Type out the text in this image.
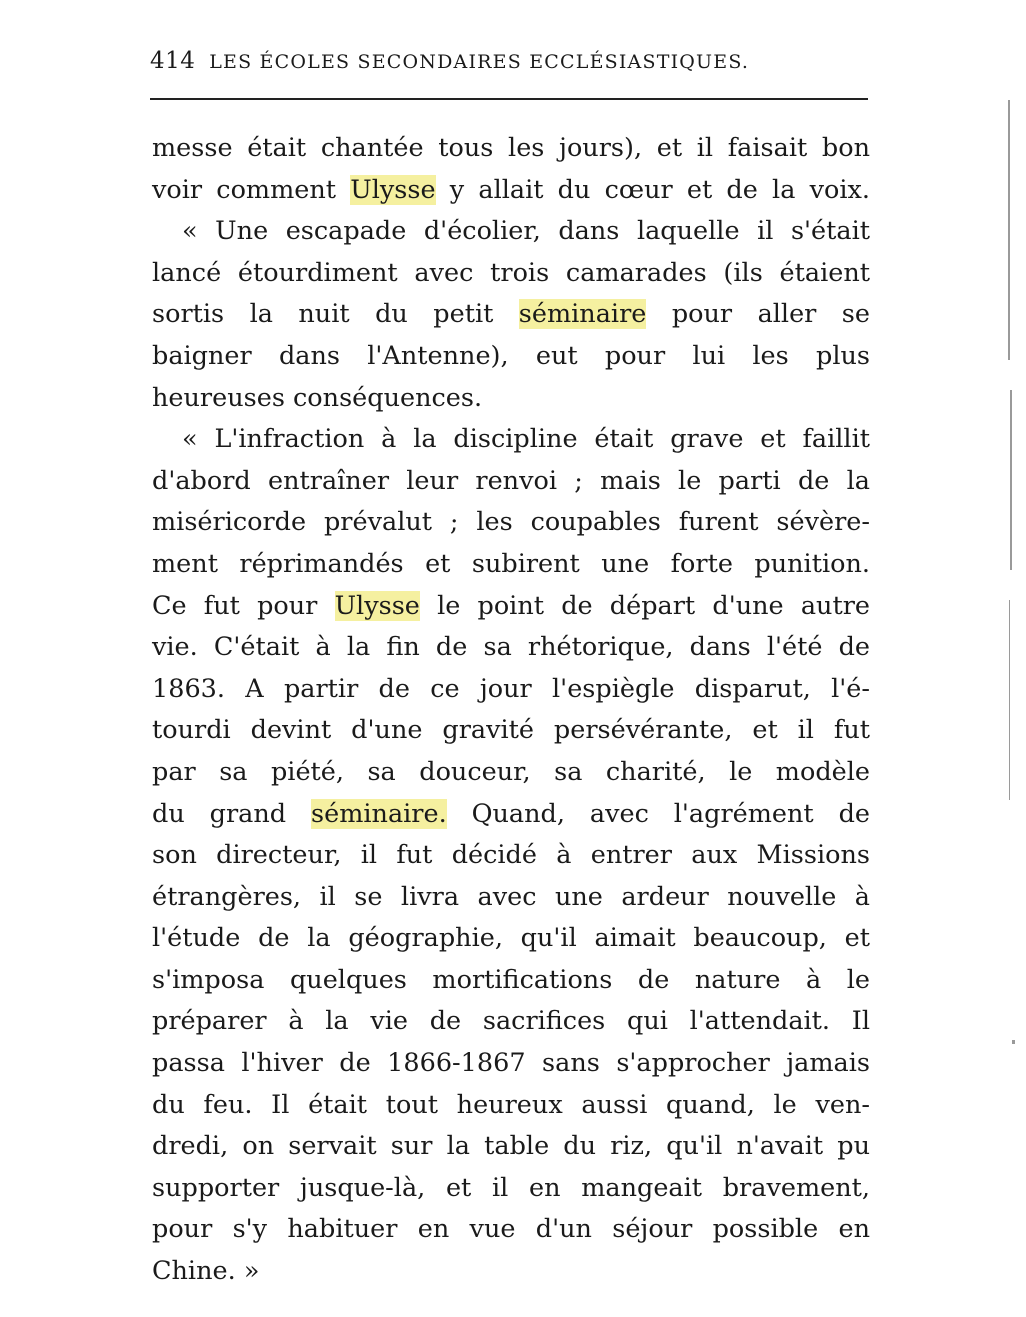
414 LES ÉCOLES SECONDAIRES ECCLÉSIASTIQUES.
messe était chantée tous les jours), et il faisait bon
voir comment Ulysse y allait du cœur et de la voix.
« Une escapade d'écolier, dans laquelle il s'était
lancé étourdiment avec trois camarades (ils étaient
sortis la nuit du petit séminaire pour aller se
baigner dans l'Antenne), eut pour lui les plus
heureuses conséquences.
« L'infraction à la discipline était grave et faillit
d'abord entraîner leur renvoi ; mais le parti de la
miséricorde prévalut ; les coupables furent sévère-
ment réprimandés et subirent une forte punition.
Ce fut pour Ulysse le point de départ d'une autre
vie. C'était à la fin de sa rhétorique, dans l'été de
1863. A partir de ce jour l'espiègle disparut, l'é-
tourdi devint d'une gravité persévérante, et il fut
par sa piété, sa douceur, sa charité, le modèle
du grand séminaire. Quand, avec l'agrément de
son directeur, il fut décidé à entrer aux Missions
étrangères, il se livra avec une ardeur nouvelle à
l'étude de la géographie, qu'il aimait beaucoup, et
s'imposa quelques mortifications de nature à le
préparer à la vie de sacrifices qui l'attendait. Il
passa l'hiver de 1866-1867 sans s'approcher jamais
du feu. Il était tout heureux aussi quand, le ven-
dredi, on servait sur la table du riz, qu'il n'avait pu
supporter jusque-là, et il en mangeait bravement,
pour s'y habituer en vue d'un séjour possible en
Chine. »
